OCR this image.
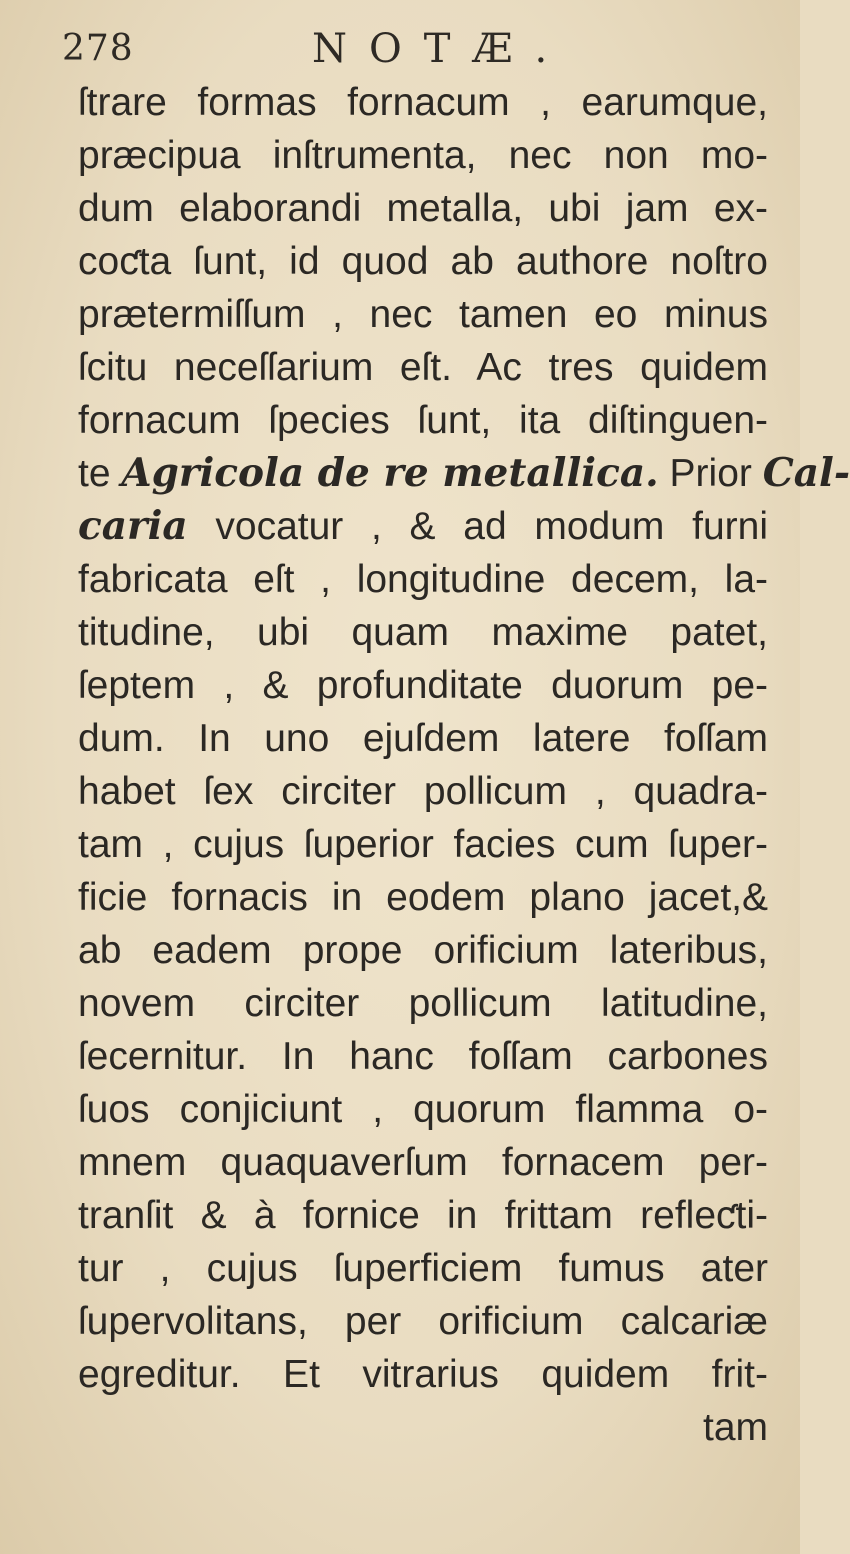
278	NOTÆ.
ſtrare formas fornacum , earumque,
præcipua inſtrumenta, nec non mo-
dum elaborandi metalla, ubi jam ex-
coƈta ſunt, id quod ab authore noſtro
prætermiſſum , nec tamen eo minus
ſcitu neceſſarium eſt. Ac tres quidem
fornacum ſpecies ſunt, ita diſtinguen-
te Agricola de re metallica. Prior Cal-
caria vocatur , & ad modum furni
fabricata eſt , longitudine decem, la-
titudine, ubi quam maxime patet,
ſeptem , & profunditate duorum pe-
dum. In uno ejuſdem latere foſſam
habet ſex circiter pollicum , quadra-
tam , cujus ſuperior facies cum ſuper-
ficie fornacis in eodem plano jacet,&
ab eadem prope orificium lateribus,
novem circiter pollicum latitudine,
ſecernitur. In hanc foſſam carbones
ſuos conjiciunt , quorum flamma o-
mnem quaquaverſum fornacem per-
tranſit & à fornice in frittam refleƈti-
tur , cujus ſuperficiem fumus ater
ſupervolitans, per orificium calcariæ
egreditur. Et vitrarius quidem frit-
tam
